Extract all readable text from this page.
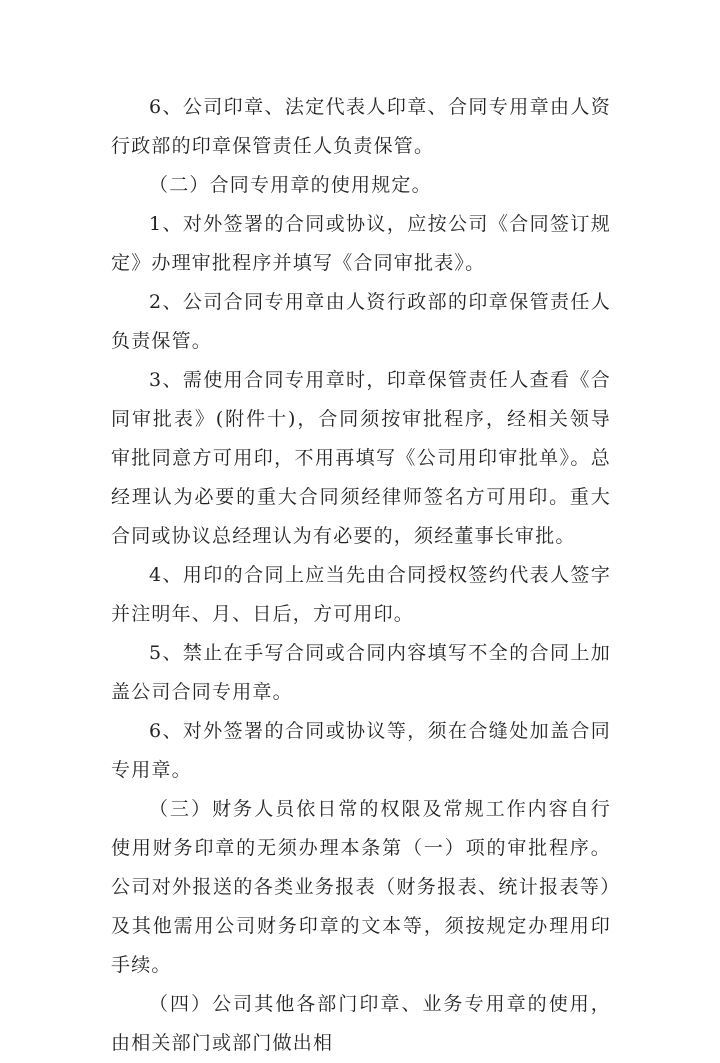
6、公司印章、法定代表人印章、合同专用章由人资行政部的印章保管责任人负责保管。

（二）合同专用章的使用规定。

1、对外签署的合同或协议，应按公司《合同签订规定》办理审批程序并填写《合同审批表》。

2、公司合同专用章由人资行政部的印章保管责任人负责保管。

3、需使用合同专用章时，印章保管责任人查看《合同审批表》(附件十)，合同须按审批程序，经相关领导审批同意方可用印，不用再填写《公司用印审批单》。总经理认为必要的重大合同须经律师签名方可用印。重大合同或协议总经理认为有必要的，须经董事长审批。

4、用印的合同上应当先由合同授权签约代表人签字并注明年、月、日后，方可用印。

5、禁止在手写合同或合同内容填写不全的合同上加盖公司合同专用章。

6、对外签署的合同或协议等，须在合缝处加盖合同专用章。

（三）财务人员依日常的权限及常规工作内容自行使用财务印章的无须办理本条第（一）项的审批程序。公司对外报送的各类业务报表（财务报表、统计报表等）及其他需用公司财务印章的文本等，须按规定办理用印手续。

（四）公司其他各部门印章、业务专用章的使用，由相关部门或部门做出相
